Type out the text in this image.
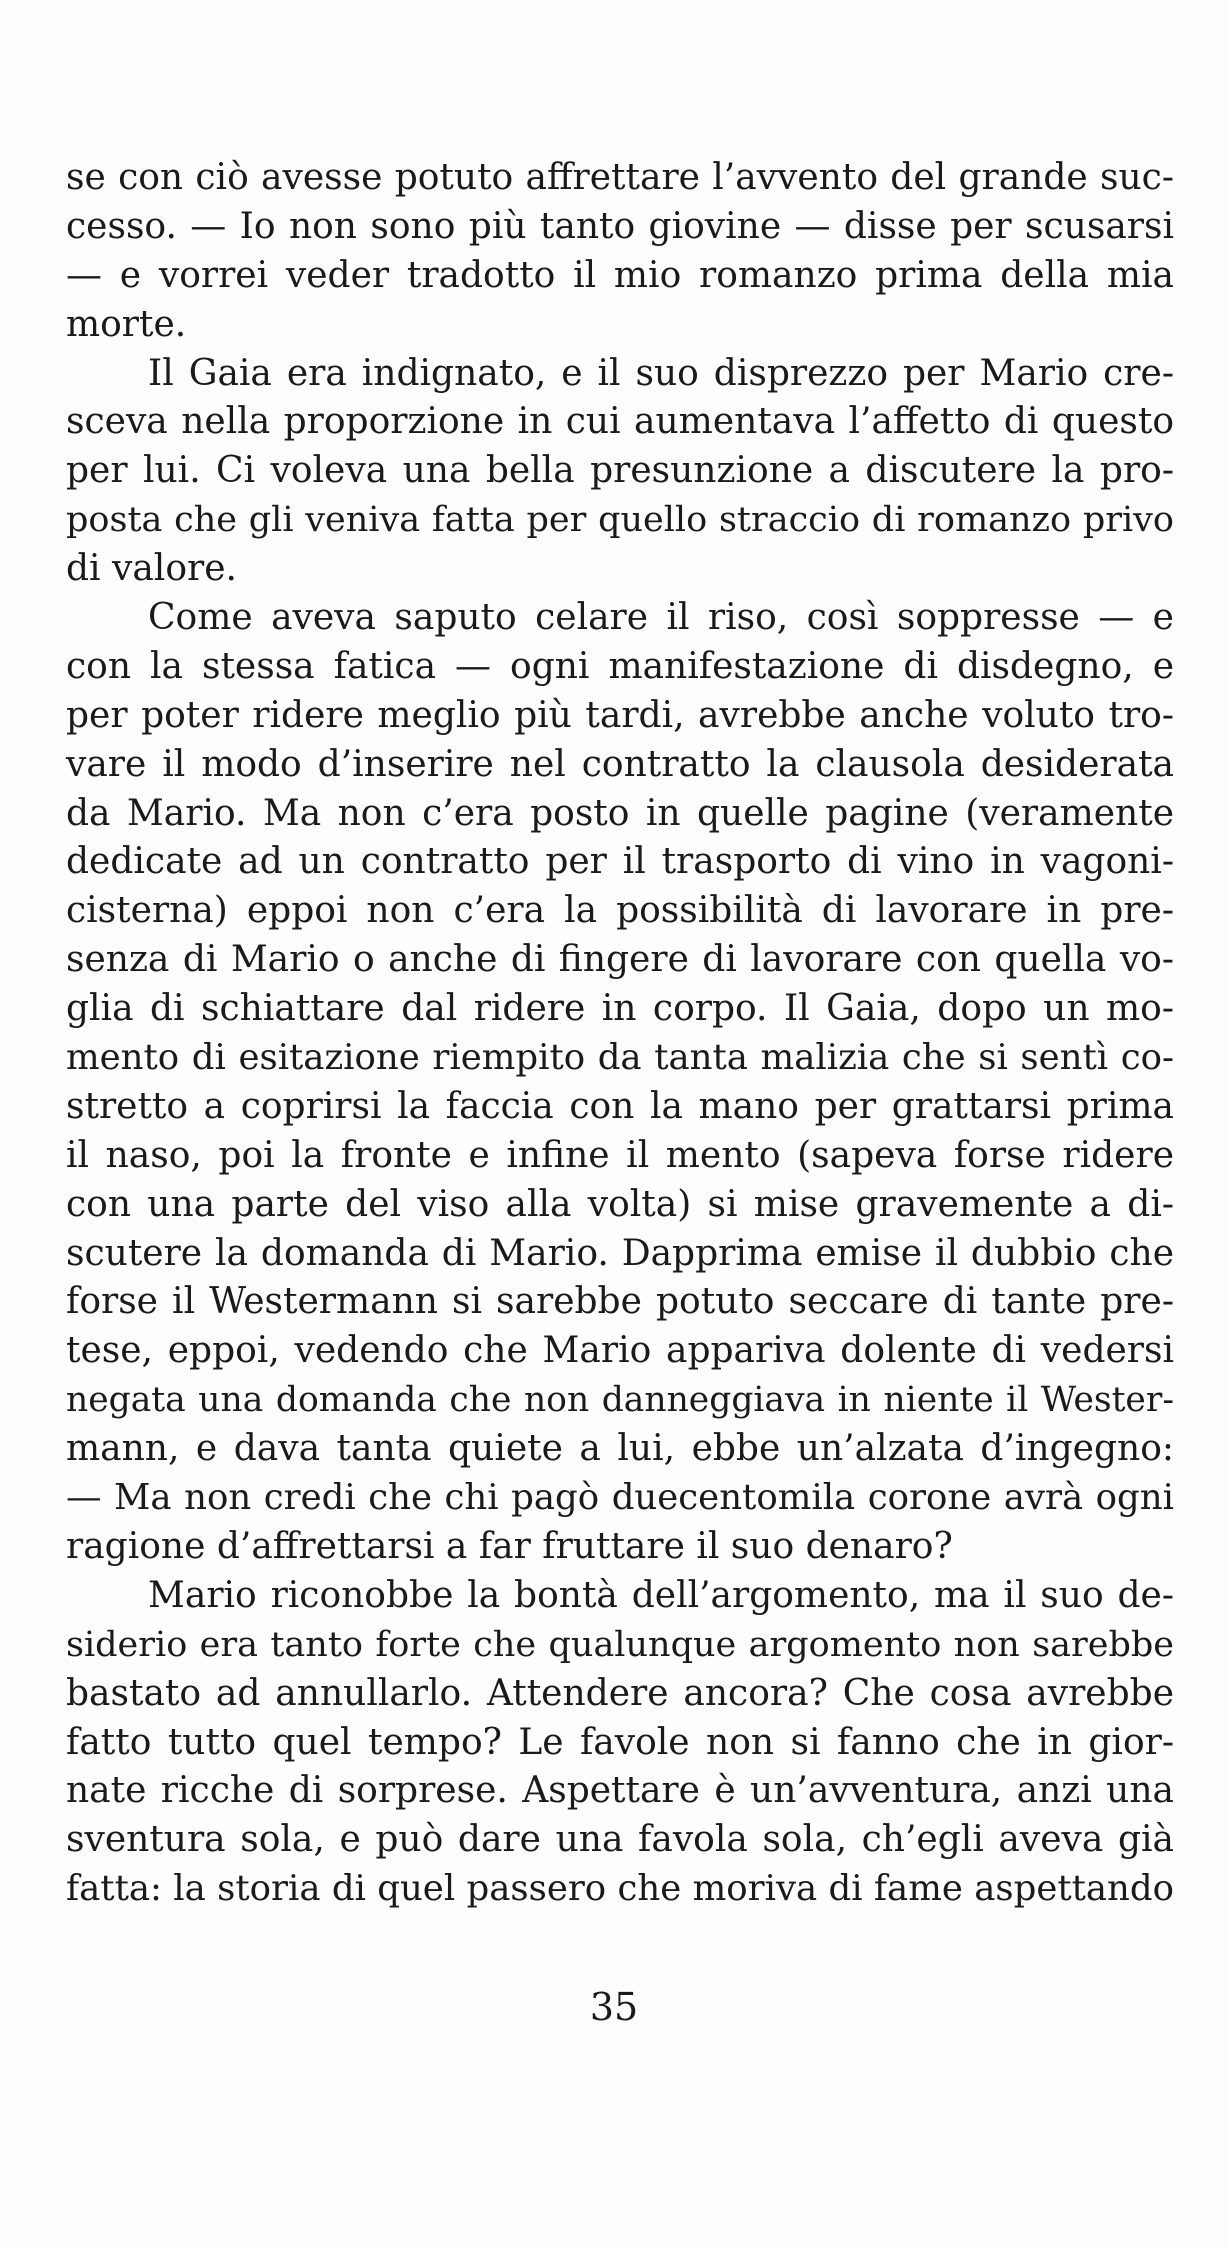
se con ciò avesse potuto affrettare l’avvento del grande suc-
cesso. — Io non sono più tanto giovine — disse per scusarsi
— e vorrei veder tradotto il mio romanzo prima della mia
morte.
Il Gaia era indignato, e il suo disprezzo per Mario cre-
sceva nella proporzione in cui aumentava l’affetto di questo
per lui. Ci voleva una bella presunzione a discutere la pro-
posta che gli veniva fatta per quello straccio di romanzo privo
di valore.
Come aveva saputo celare il riso, così soppresse — e
con la stessa fatica — ogni manifestazione di disdegno, e
per poter ridere meglio più tardi, avrebbe anche voluto tro-
vare il modo d’inserire nel contratto la clausola desiderata
da Mario. Ma non c’era posto in quelle pagine (veramente
dedicate ad un contratto per il trasporto di vino in vagoni-
cisterna) eppoi non c’era la possibilità di lavorare in pre-
senza di Mario o anche di fingere di lavorare con quella vo-
glia di schiattare dal ridere in corpo. Il Gaia, dopo un mo-
mento di esitazione riempito da tanta malizia che si sentì co-
stretto a coprirsi la faccia con la mano per grattarsi prima
il naso, poi la fronte e infine il mento (sapeva forse ridere
con una parte del viso alla volta) si mise gravemente a di-
scutere la domanda di Mario. Dapprima emise il dubbio che
forse il Westermann si sarebbe potuto seccare di tante pre-
tese, eppoi, vedendo che Mario appariva dolente di vedersi
negata una domanda che non danneggiava in niente il Wester-
mann, e dava tanta quiete a lui, ebbe un’alzata d’ingegno:
— Ma non credi che chi pagò duecentomila corone avrà ogni
ragione d’affrettarsi a far fruttare il suo denaro?
Mario riconobbe la bontà dell’argomento, ma il suo de-
siderio era tanto forte che qualunque argomento non sarebbe
bastato ad annullarlo. Attendere ancora? Che cosa avrebbe
fatto tutto quel tempo? Le favole non si fanno che in gior-
nate ricche di sorprese. Aspettare è un’avventura, anzi una
sventura sola, e può dare una favola sola, ch’egli aveva già
fatta: la storia di quel passero che moriva di fame aspettando
35
